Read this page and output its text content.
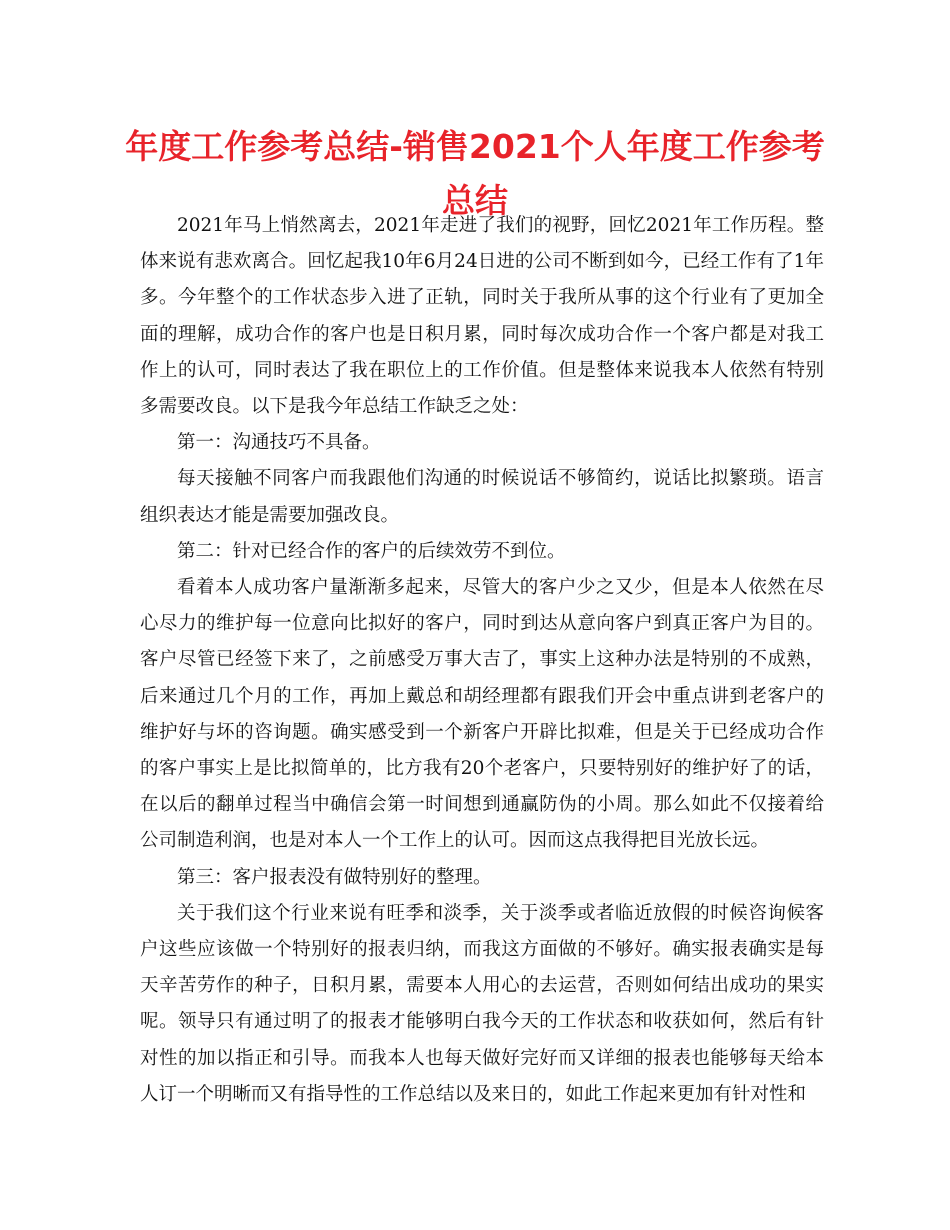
年度工作参考总结-销售2021个人年度工作参考总结

2021年马上悄然离去，2021年走进了我们的视野，回忆2021年工作历程。整体来说有悲欢离合。回忆起我10年6月24日进的公司不断到如今，已经工作有了1年多。今年整个的工作状态步入进了正轨，同时关于我所从事的这个行业有了更加全面的理解，成功合作的客户也是日积月累，同时每次成功合作一个客户都是对我工作上的认可，同时表达了我在职位上的工作价值。但是整体来说我本人依然有特别多需要改良。以下是我今年总结工作缺乏之处：

第一：沟通技巧不具备。

每天接触不同客户而我跟他们沟通的时候说话不够简约，说话比拟繁琐。语言组织表达才能是需要加强改良。

第二：针对已经合作的客户的后续效劳不到位。

看着本人成功客户量渐渐多起来，尽管大的客户少之又少，但是本人依然在尽心尽力的维护每一位意向比拟好的客户，同时到达从意向客户到真正客户为目的。客户尽管已经签下来了，之前感受万事大吉了，事实上这种办法是特别的不成熟，后来通过几个月的工作，再加上戴总和胡经理都有跟我们开会中重点讲到老客户的维护好与坏的咨询题。确实感受到一个新客户开辟比拟难，但是关于已经成功合作的客户事实上是比拟简单的，比方我有20个老客户，只要特别好的维护好了的话，在以后的翻单过程当中确信会第一时间想到通赢防伪的小周。那么如此不仅接着给公司制造利润，也是对本人一个工作上的认可。因而这点我得把目光放长远。

第三：客户报表没有做特别好的整理。

关于我们这个行业来说有旺季和淡季，关于淡季或者临近放假的时候咨询候客户这些应该做一个特别好的报表归纳，而我这方面做的不够好。确实报表确实是每天辛苦劳作的种子，日积月累，需要本人用心的去运营，否则如何结出成功的果实呢。领导只有通过明了的报表才能够明白我今天的工作状态和收获如何，然后有针对性的加以指正和引导。而我本人也每天做好完好而又详细的报表也能够每天给本人订一个明晰而又有指导性的工作总结以及来日的，如此工作起来更加有针对性和
